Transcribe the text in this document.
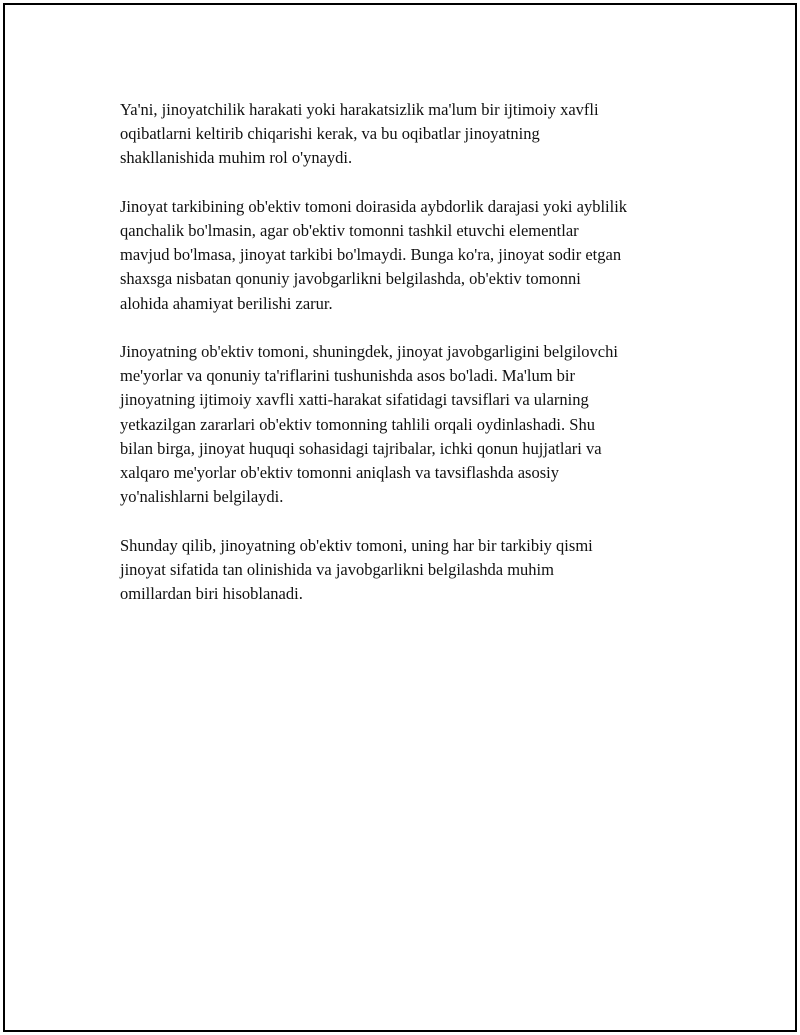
Ya'ni, jinoyatchilik harakati yoki harakatsizlik ma'lum bir ijtimoiy xavfli
oqibatlarni keltirib chiqarishi kerak, va bu oqibatlar jinoyatning
shakllanishida muhim rol o'ynaydi.

Jinoyat tarkibining ob'ektiv tomoni doirasida aybdorlik darajasi yoki ayblilik
qanchalik bo'lmasin, agar ob'ektiv tomonni tashkil etuvchi elementlar
mavjud bo'lmasa, jinoyat tarkibi bo'lmaydi. Bunga ko'ra, jinoyat sodir etgan
shaxsga nisbatan qonuniy javobgarlikni belgilashda, ob'ektiv tomonni
alohida ahamiyat berilishi zarur.

Jinoyatning ob'ektiv tomoni, shuningdek, jinoyat javobgarligini belgilovchi
me'yorlar va qonuniy ta'riflarini tushunishda asos bo'ladi. Ma'lum bir
jinoyatning ijtimoiy xavfli xatti-harakat sifatidagi tavsiflari va ularning
yetkazilgan zararlari ob'ektiv tomonning tahlili orqali oydinlashadi. Shu
bilan birga, jinoyat huquqi sohasidagi tajribalar, ichki qonun hujjatlari va
xalqaro me'yorlar ob'ektiv tomonni aniqlash va tavsiflashda asosiy
yo'nalishlarni belgilaydi.

Shunday qilib, jinoyatning ob'ektiv tomoni, uning har bir tarkibiy qismi
jinoyat sifatida tan olinishida va javobgarlikni belgilashda muhim
omillardan biri hisoblanadi.
